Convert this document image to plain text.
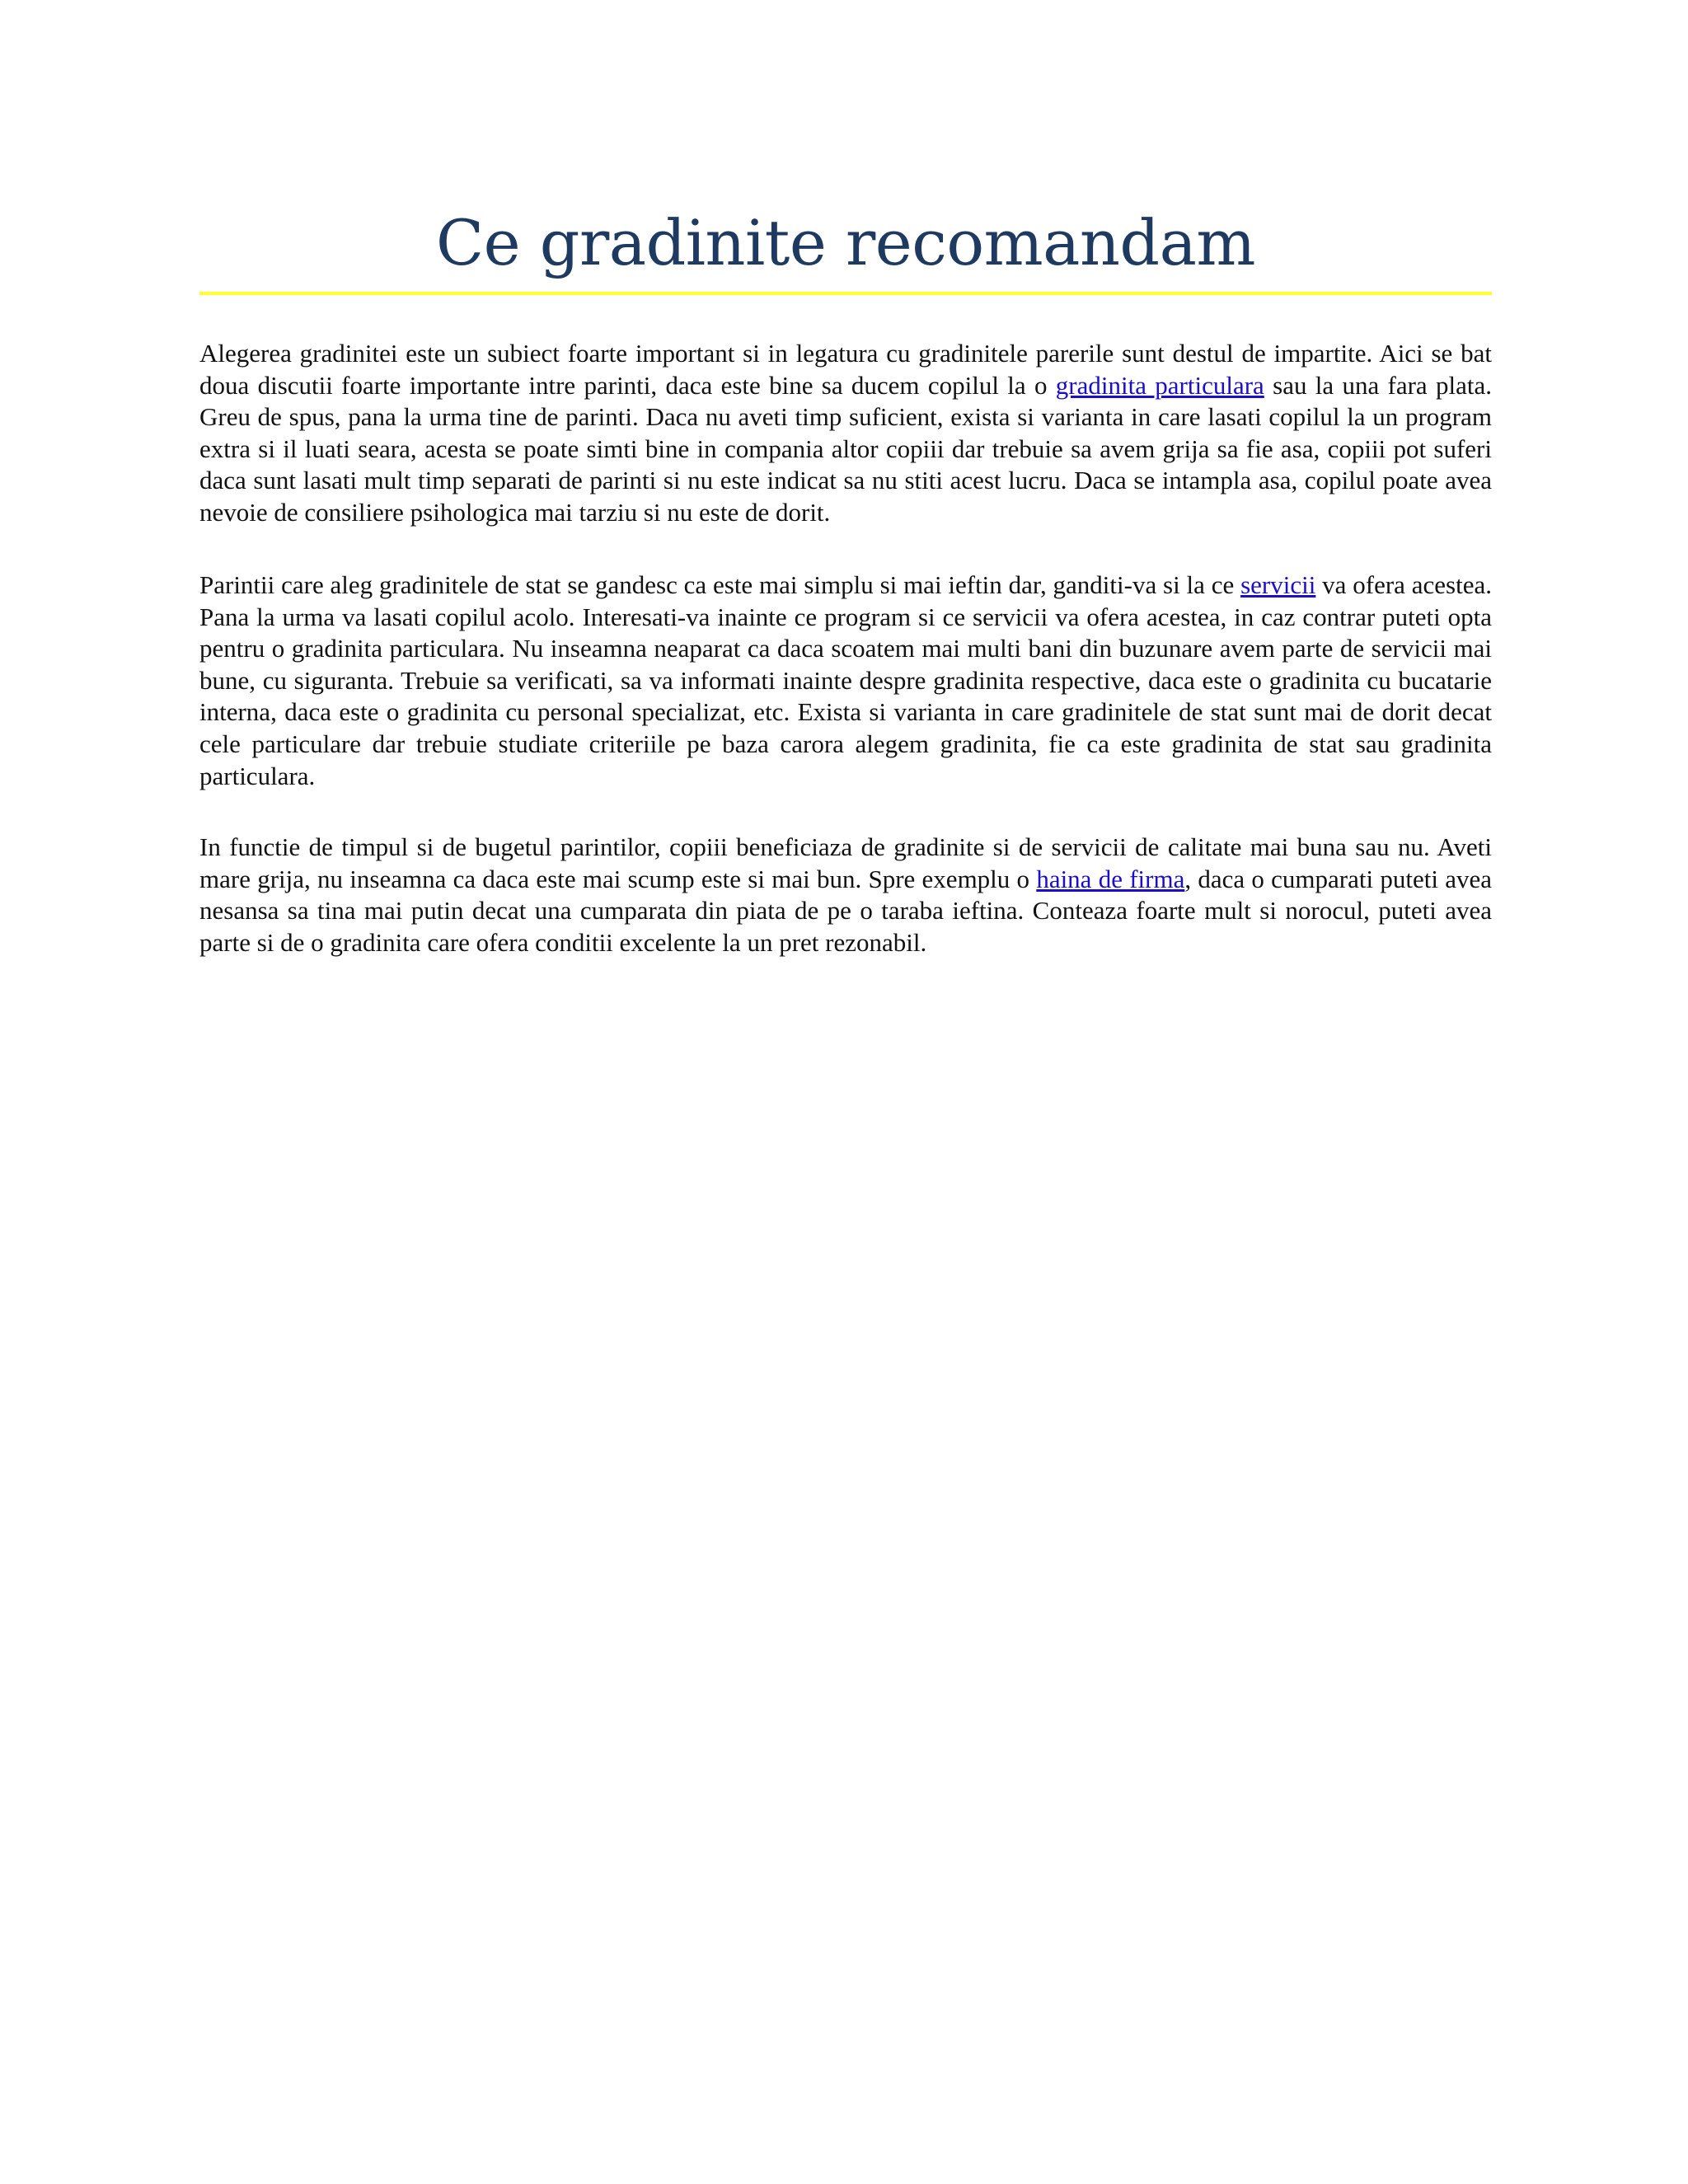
Ce gradinite recomandam

Alegerea gradinitei este un subiect foarte important si in legatura cu gradinitele parerile sunt destul de impartite. Aici se bat doua discutii foarte importante intre parinti, daca este bine sa ducem copilul la o gradinita particulara sau la una fara plata. Greu de spus, pana la urma tine de parinti. Daca nu aveti timp suficient, exista si varianta in care lasati copilul la un program extra si il luati seara, acesta se poate simti bine in compania altor copiii dar trebuie sa avem grija sa fie asa, copiii pot suferi daca sunt lasati mult timp separati de parinti si nu este indicat sa nu stiti acest lucru. Daca se intampla asa, copilul poate avea nevoie de consiliere psihologica mai tarziu si nu este de dorit.

Parintii care aleg gradinitele de stat se gandesc ca este mai simplu si mai ieftin dar, ganditi-va si la ce servicii va ofera acestea. Pana la urma va lasati copilul acolo. Interesati-va inainte ce program si ce servicii va ofera acestea, in caz contrar puteti opta pentru o gradinita particulara. Nu inseamna neaparat ca daca scoatem mai multi bani din buzunare avem parte de servicii mai bune, cu siguranta. Trebuie sa verificati, sa va informati inainte despre gradinita respective, daca este o gradinita cu bucatarie interna, daca este o gradinita cu personal specializat, etc. Exista si varianta in care gradinitele de stat sunt mai de dorit decat cele particulare dar trebuie studiate criteriile pe baza carora alegem gradinita, fie ca este gradinita de stat sau gradinita particulara.

In functie de timpul si de bugetul parintilor, copiii beneficiaza de gradinite si de servicii de calitate mai buna sau nu. Aveti mare grija, nu inseamna ca daca este mai scump este si mai bun. Spre exemplu o haina de firma, daca o cumparati puteti avea nesansa sa tina mai putin decat una cumparata din piata de pe o taraba ieftina. Conteaza foarte mult si norocul, puteti avea parte si de o gradinita care ofera conditii excelente la un pret rezonabil.
